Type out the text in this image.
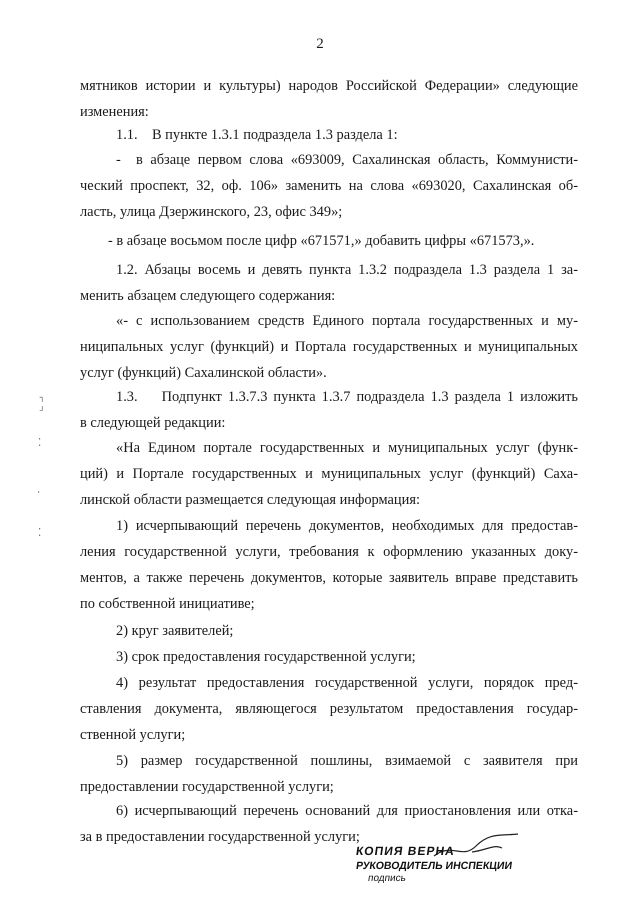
2
мятников истории и культуры) народов Российской Федерации» следующие
изменения:
1.1.    В пункте 1.3.1 подраздела 1.3 раздела 1:
-  в абзаце первом слова «693009, Сахалинская область, Коммунисти-
ческий проспект, 32, оф. 106» заменить на слова «693020, Сахалинская об-
ласть, улица Дзержинского, 23, офис 349»;
- в абзаце восьмом после цифр «671571,» добавить цифры «671573,».
1.2. Абзацы восемь и девять пункта 1.3.2 подраздела 1.3 раздела 1 за-
менить абзацем следующего содержания:
«- с использованием средств Единого портала государственных и му-
ниципальных услуг (функций) и Портала государственных и муниципальных
услуг (функций) Сахалинской области».
1.3.    Подпункт 1.3.7.3 пункта 1.3.7 подраздела 1.3 раздела 1 изложить
в следующей редакции:
«На Едином портале государственных и муниципальных услуг (функ-
ций) и Портале государственных и муниципальных услуг (функций) Саха-
линской области размещается следующая информация:
1) исчерпывающий перечень документов, необходимых для предостав-
ления государственной услуги, требования к оформлению указанных доку-
ментов, а также перечень документов, которые заявитель вправе представить
по собственной инициативе;
2) круг заявителей;
3) срок предоставления государственной услуги;
4) результат предоставления государственной услуги, порядок пред-
ставления документа, являющегося результатом предоставления государ-
ственной услуги;
5) размер государственной пошлины, взимаемой с заявителя при
предоставлении государственной услуги;
6) исчерпывающий перечень оснований для приостановления или отка-
за в предоставлении государственной услуги;
⌐ ¬
· ·
·
· ·
КОПИЯ ВЕРНА
РУКОВОДИТЕЛЬ ИНСПЕКЦИИ
подпись
